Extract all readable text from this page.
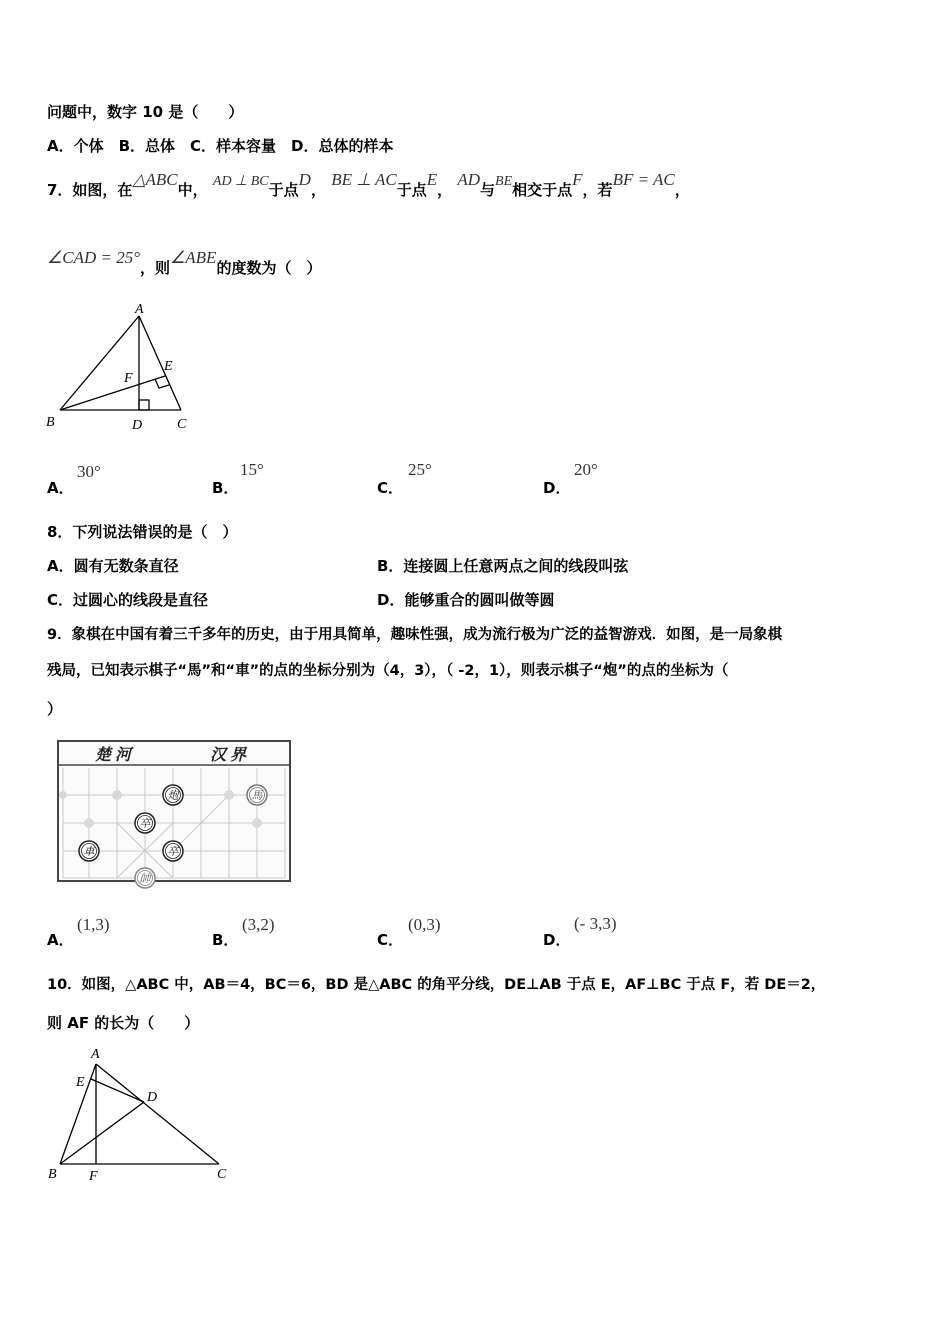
问题中，数字 10 是（　　）
A．个体　B．总体　C．样本容量　D．总体的样本
7．如图，在△ABC中， AD ⊥ BC于点D， BE ⊥ AC于点E， AD与BE相交于点F，若BF = AC，
∠CAD = 25°，则∠ABE的度数为（　）
A
B	C
D
E
F
A．
30°
B．
15°
C．
25°
D．
20°
8．下列说法错误的是（　）
A．圆有无数条直径	B．连接圆上任意两点之间的线段叫弦
C．过圆心的线段是直径	D．能够重合的圆叫做等圆
9．象棋在中国有着三千多年的历史，由于用具简单，趣味性强，成为流行极为广泛的益智游戏．如图，是一局象棋
残局，已知表示棋子“馬”和“車”的点的坐标分别为（4，3），（ -2，1），则表示棋子“炮”的点的坐标为（
）
楚 河	汉 界
炮	馬
卒
車	卒
帥
A．
(1,3)
B．
(3,2)
C．
(0,3)
D．
(- 3,3)
10．如图，△ABC 中，AB＝4，BC＝6，BD 是△ABC 的角平分线，DE⊥AB 于点 E，AF⊥BC 于点 F，若 DE＝2，
则 AF 的长为（　　）
A
E
D
B F	C
